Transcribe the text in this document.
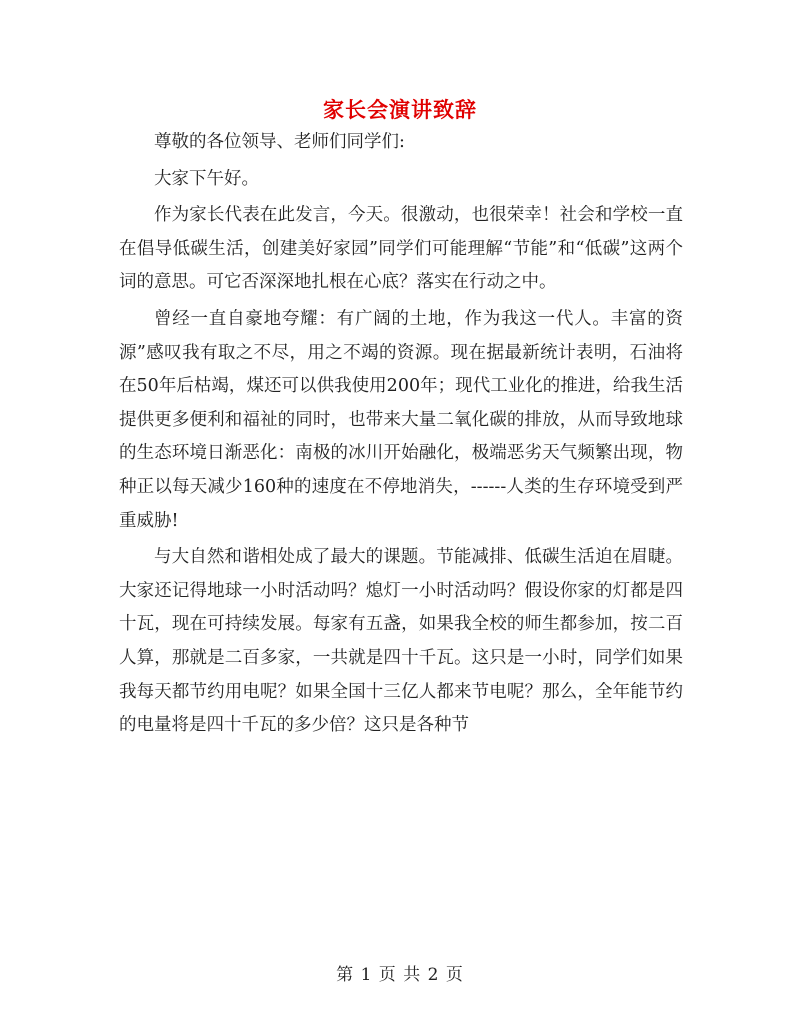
家长会演讲致辞

尊敬的各位领导、老师们同学们:

大家下午好。

作为家长代表在此发言，今天。很激动，也很荣幸！社会和学校一直在倡导低碳生活，创建美好家园”同学们可能理解“节能”和“低碳”这两个词的意思。可它否深深地扎根在心底？落实在行动之中。

曾经一直自豪地夸耀：有广阔的土地，作为我这一代人。丰富的资源”感叹我有取之不尽，用之不竭的资源。现在据最新统计表明，石油将在50年后枯竭，煤还可以供我使用200年；现代工业化的推进，给我生活提供更多便利和福祉的同时，也带来大量二氧化碳的排放，从而导致地球的生态环境日渐恶化：南极的冰川开始融化，极端恶劣天气频繁出现，物种正以每天减少160种的速度在不停地消失，------人类的生存环境受到严重威胁!

与大自然和谐相处成了最大的课题。节能减排、低碳生活迫在眉睫。大家还记得地球一小时活动吗？熄灯一小时活动吗？假设你家的灯都是四十瓦，现在可持续发展。每家有五盏，如果我全校的师生都参加，按二百人算，那就是二百多家，一共就是四十千瓦。这只是一小时，同学们如果我每天都节约用电呢？如果全国十三亿人都来节电呢？那么，全年能节约的电量将是四十千瓦的多少倍？这只是各种节

第 1 页 共 2 页
